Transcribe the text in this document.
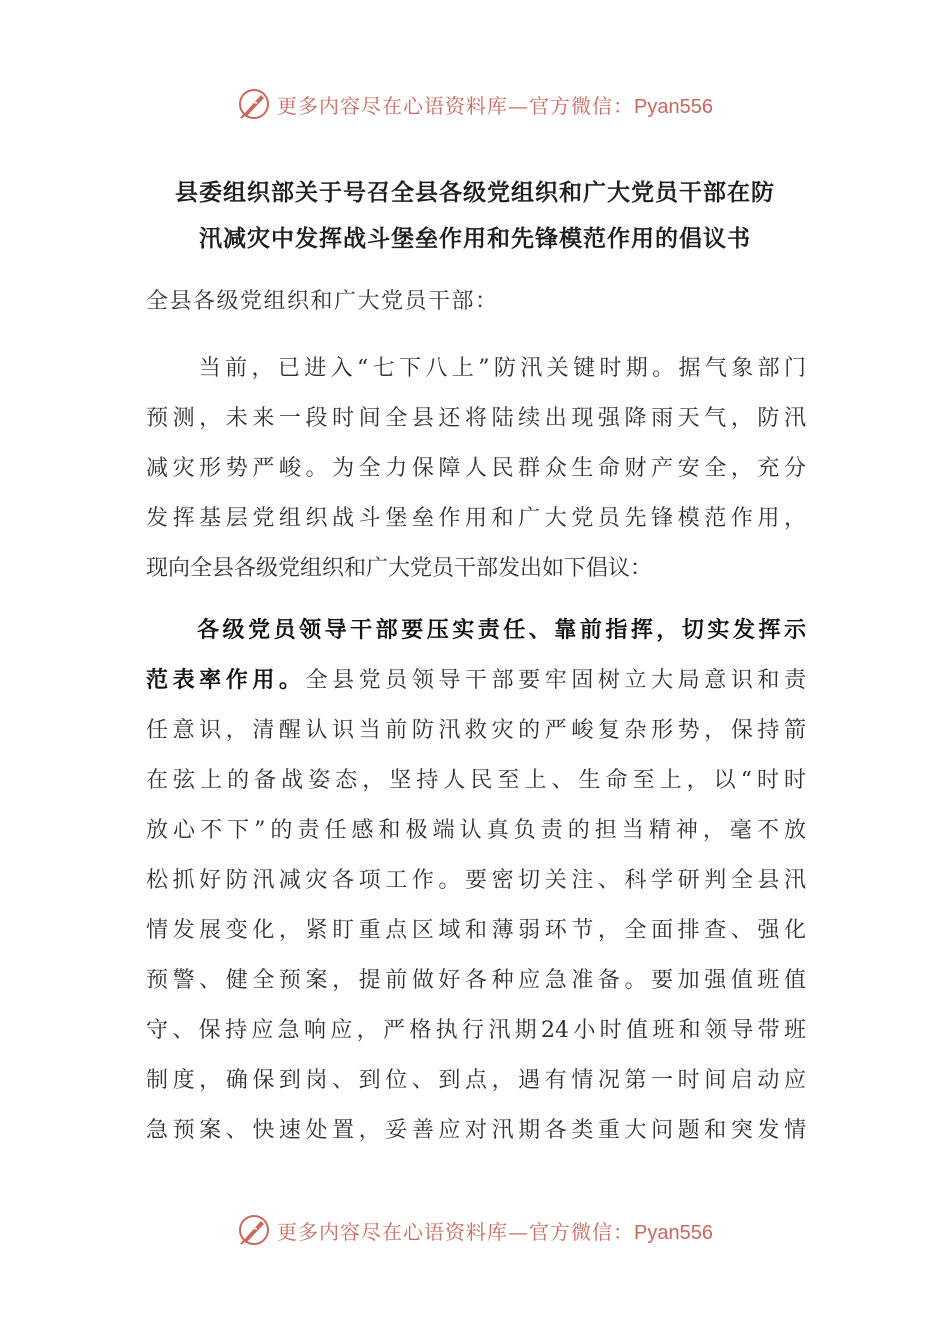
更多内容尽在心语资料库—官方微信：Pyan556
县委组织部关于号召全县各级党组织和广大党员干部在防
汛减灾中发挥战斗堡垒作用和先锋模范作用的倡议书
全县各级党组织和广大党员干部：
　　当前，已进入“七下八上”防汛关键时期。据气象部门
预测，未来一段时间全县还将陆续出现强降雨天气，防汛
减灾形势严峻。为全力保障人民群众生命财产安全，充分
发挥基层党组织战斗堡垒作用和广大党员先锋模范作用，
现向全县各级党组织和广大党员干部发出如下倡议：
　　各级党员领导干部要压实责任、靠前指挥，切实发挥示
范表率作用。全县党员领导干部要牢固树立大局意识和责
任意识，清醒认识当前防汛救灾的严峻复杂形势，保持箭
在弦上的备战姿态，坚持人民至上、生命至上，以“时时
放心不下”的责任感和极端认真负责的担当精神，毫不放
松抓好防汛减灾各项工作。要密切关注、科学研判全县汛
情发展变化，紧盯重点区域和薄弱环节，全面排查、强化
预警、健全预案，提前做好各种应急准备。要加强值班值
守、保持应急响应，严格执行汛期24小时值班和领导带班
制度，确保到岗、到位、到点，遇有情况第一时间启动应
急预案、快速处置，妥善应对汛期各类重大问题和突发情
更多内容尽在心语资料库—官方微信：Pyan556
